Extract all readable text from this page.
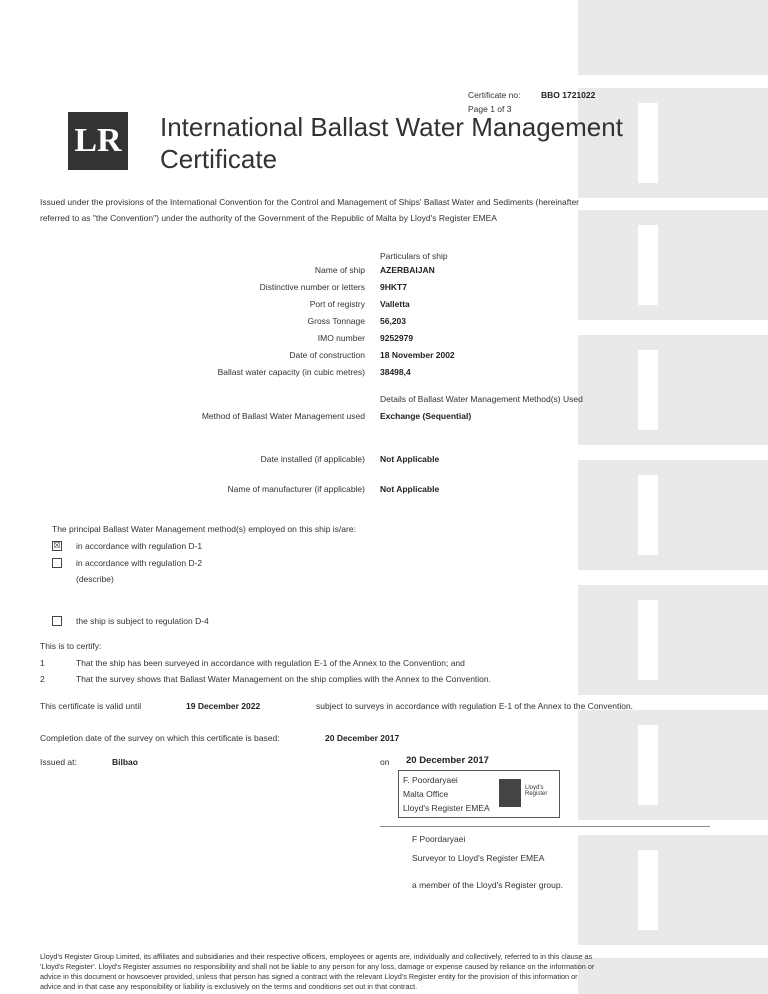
Certificate no: BBO 1721022
Page 1 of 3
LR International Ballast Water Management
Certificate
Issued under the provisions of the International Convention for the Control and Management of Ships' Ballast Water and Sediments (hereinafter
referred to as "the Convention") under the authority of the Government of the Republic of Malta by Lloyd's Register EMEA
Particulars of ship
Name of ship AZERBAIJAN
Distinctive number or letters 9HKT7
Port of registry Valletta
Gross Tonnage 56,203
IMO number 9252979
Date of construction 18 November 2002
Ballast water capacity (in cubic metres) 38498,4
Details of Ballast Water Management Method(s) Used
Method of Ballast Water Management used Exchange (Sequential)
Date installed (if applicable) Not Applicable
Name of manufacturer (if applicable) Not Applicable
The principal Ballast Water Management method(s) employed on this ship is/are:
☒ in accordance with regulation D-1
in accordance with regulation D-2
(describe)
the ship is subject to regulation D-4
This is to certify:
1	That the ship has been surveyed in accordance with regulation E-1 of the Annex to the Convention; and
2	That the survey shows that Ballast Water Management on the ship complies with the Annex to the Convention.
This certificate is valid until	19 December 2022	subject to surveys in accordance with regulation E-1 of the Annex to the Convention.
Completion date of the survey on which this certificate is based:	20 December 2017
Issued at:	Bilbao	on 20 December 2017
F. Poordaryaei
Malta Office
Lloyd's Register EMEA
Lloyd's Register
F Poordaryaei
Surveyor to Lloyd's Register EMEA
a member of the Lloyd's Register group.
Lloyd's Register Group Limited, its affiliates and subsidiaries and their respective officers, employees or agents are, individually and collectively, referred to in this clause as
'Lloyd's Register'. Lloyd's Register assumes no responsibility and shall not be liable to any person for any loss, damage or expense caused by reliance on the information or
advice in this document or howsoever provided, unless that person has signed a contract with the relevant Lloyd's Register entity for the provision of this information or
advice and in that case any responsibility or liability is exclusively on the terms and conditions set out in that contract.
